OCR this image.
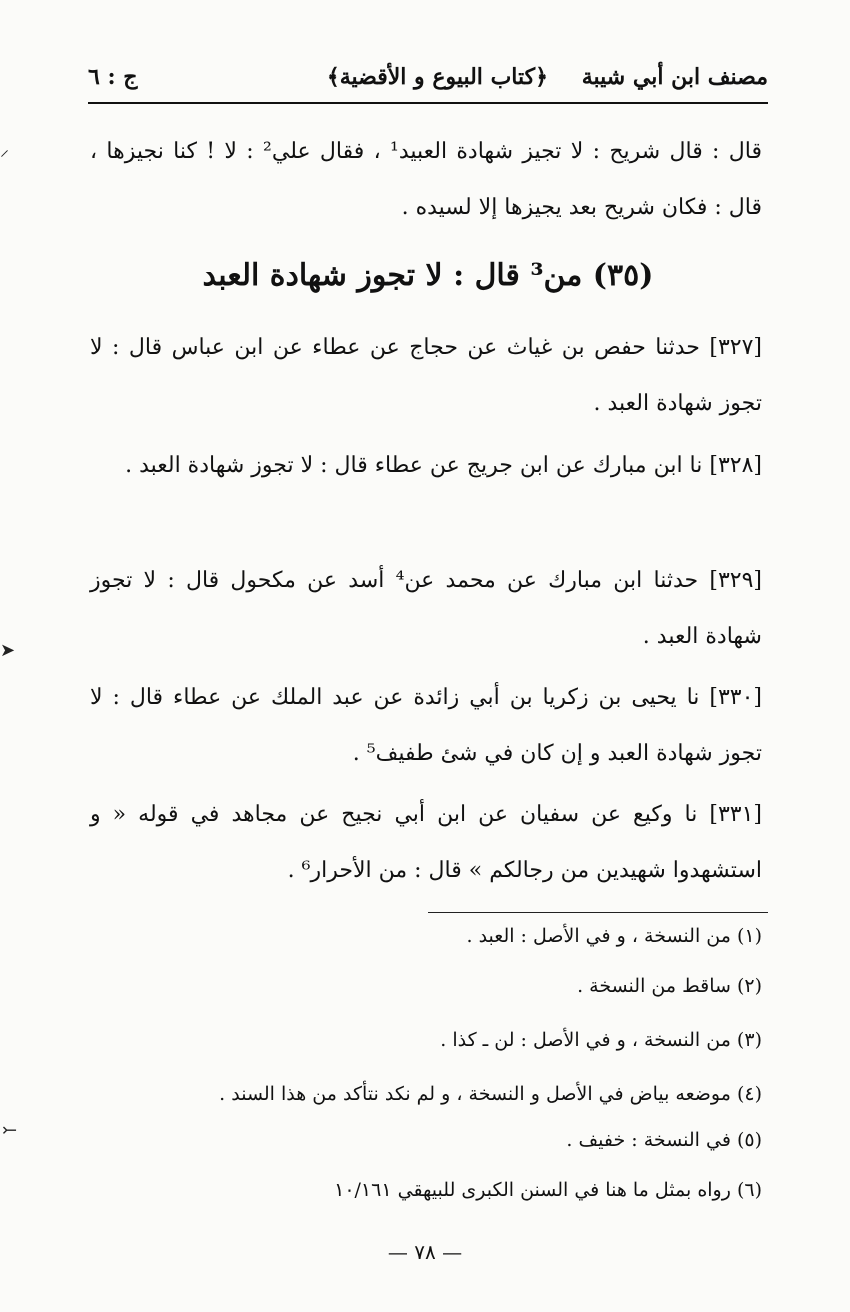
مصنف ابن أبي شيبة
﴿كتاب البيوع و الأقضية﴾
ج : ٦
قال : قال شريح : لا تجيز شهادة العبيد¹ ، فقال علي² : لا ! كنا نجيزها ، قال : فكان شريح بعد يجيزها إلا لسيده .
(٣٥) من³ قال : لا تجوز شهادة العبد
[٣٢٧] حدثنا حفص بن غياث عن حجاج عن عطاء عن ابن عباس قال : لا تجوز شهادة العبد .
[٣٢٨] نا ابن مبارك عن ابن جريج عن عطاء قال : لا تجوز شهادة العبد .
[٣٢٩] حدثنا ابن مبارك عن محمد عن⁴ أسد عن مكحول قال : لا تجوز شهادة العبد .
[٣٣٠] نا يحيى بن زكريا بن أبي زائدة عن عبد الملك عن عطاء قال : لا تجوز شهادة العبد و إن كان في شئ طفيف⁵ .
[٣٣١] نا وكيع عن سفيان عن ابن أبي نجيح عن مجاهد في قوله « و استشهدوا شهيدين من رجالكم » قال : من الأحرار⁶ .
(١) من النسخة ، و في الأصل : العبد .
(٢) ساقط من النسخة .
(٣) من النسخة ، و في الأصل : لن ـ كذا .
(٤) موضعه بياض في الأصل و النسخة ، و لم نكد نتأكد من هذا السند .
(٥) في النسخة : خفيف .
(٦) رواه بمثل ما هنا في السنن الكبرى للبيهقي ١٠/١٦١
— ٧٨ —
⸍
➤
⤚
